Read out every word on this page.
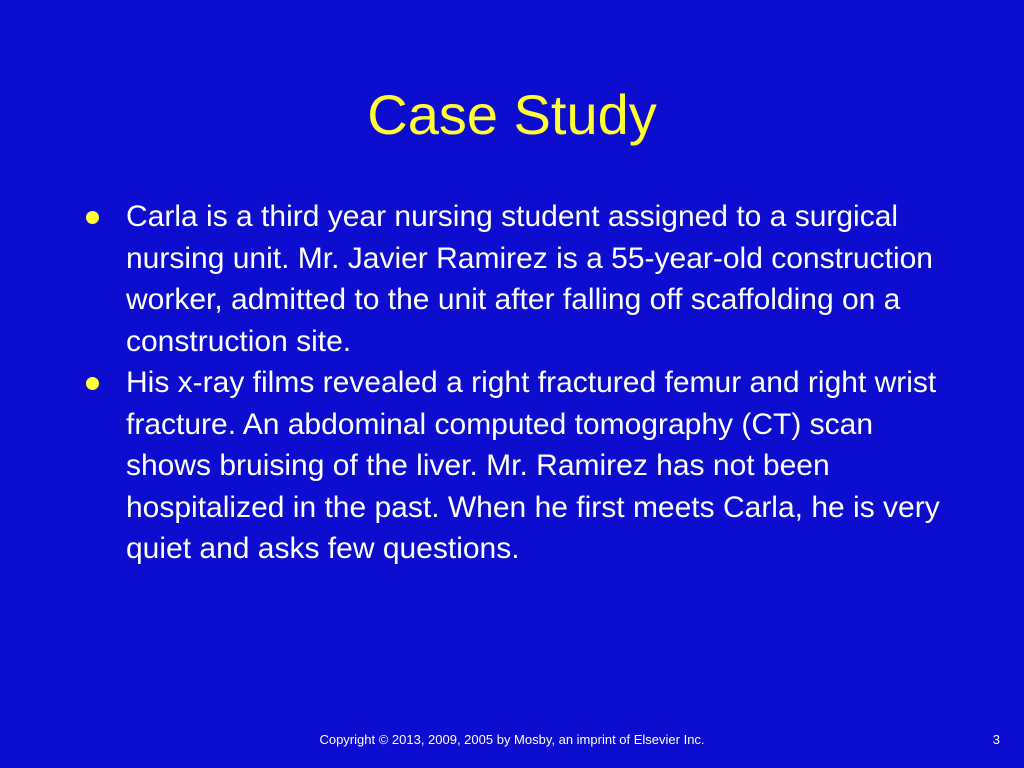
Case Study
Carla is a third year nursing student assigned to a surgical nursing unit. Mr. Javier Ramirez is a 55-year-old construction worker, admitted to the unit after falling off scaffolding on a construction site.
His x-ray films revealed a right fractured femur and right wrist fracture. An abdominal computed tomography (CT) scan shows bruising of the liver. Mr. Ramirez has not been hospitalized in the past. When he first meets Carla, he is very quiet and asks few questions.
Copyright © 2013, 2009, 2005 by Mosby, an imprint of Elsevier Inc.	3
